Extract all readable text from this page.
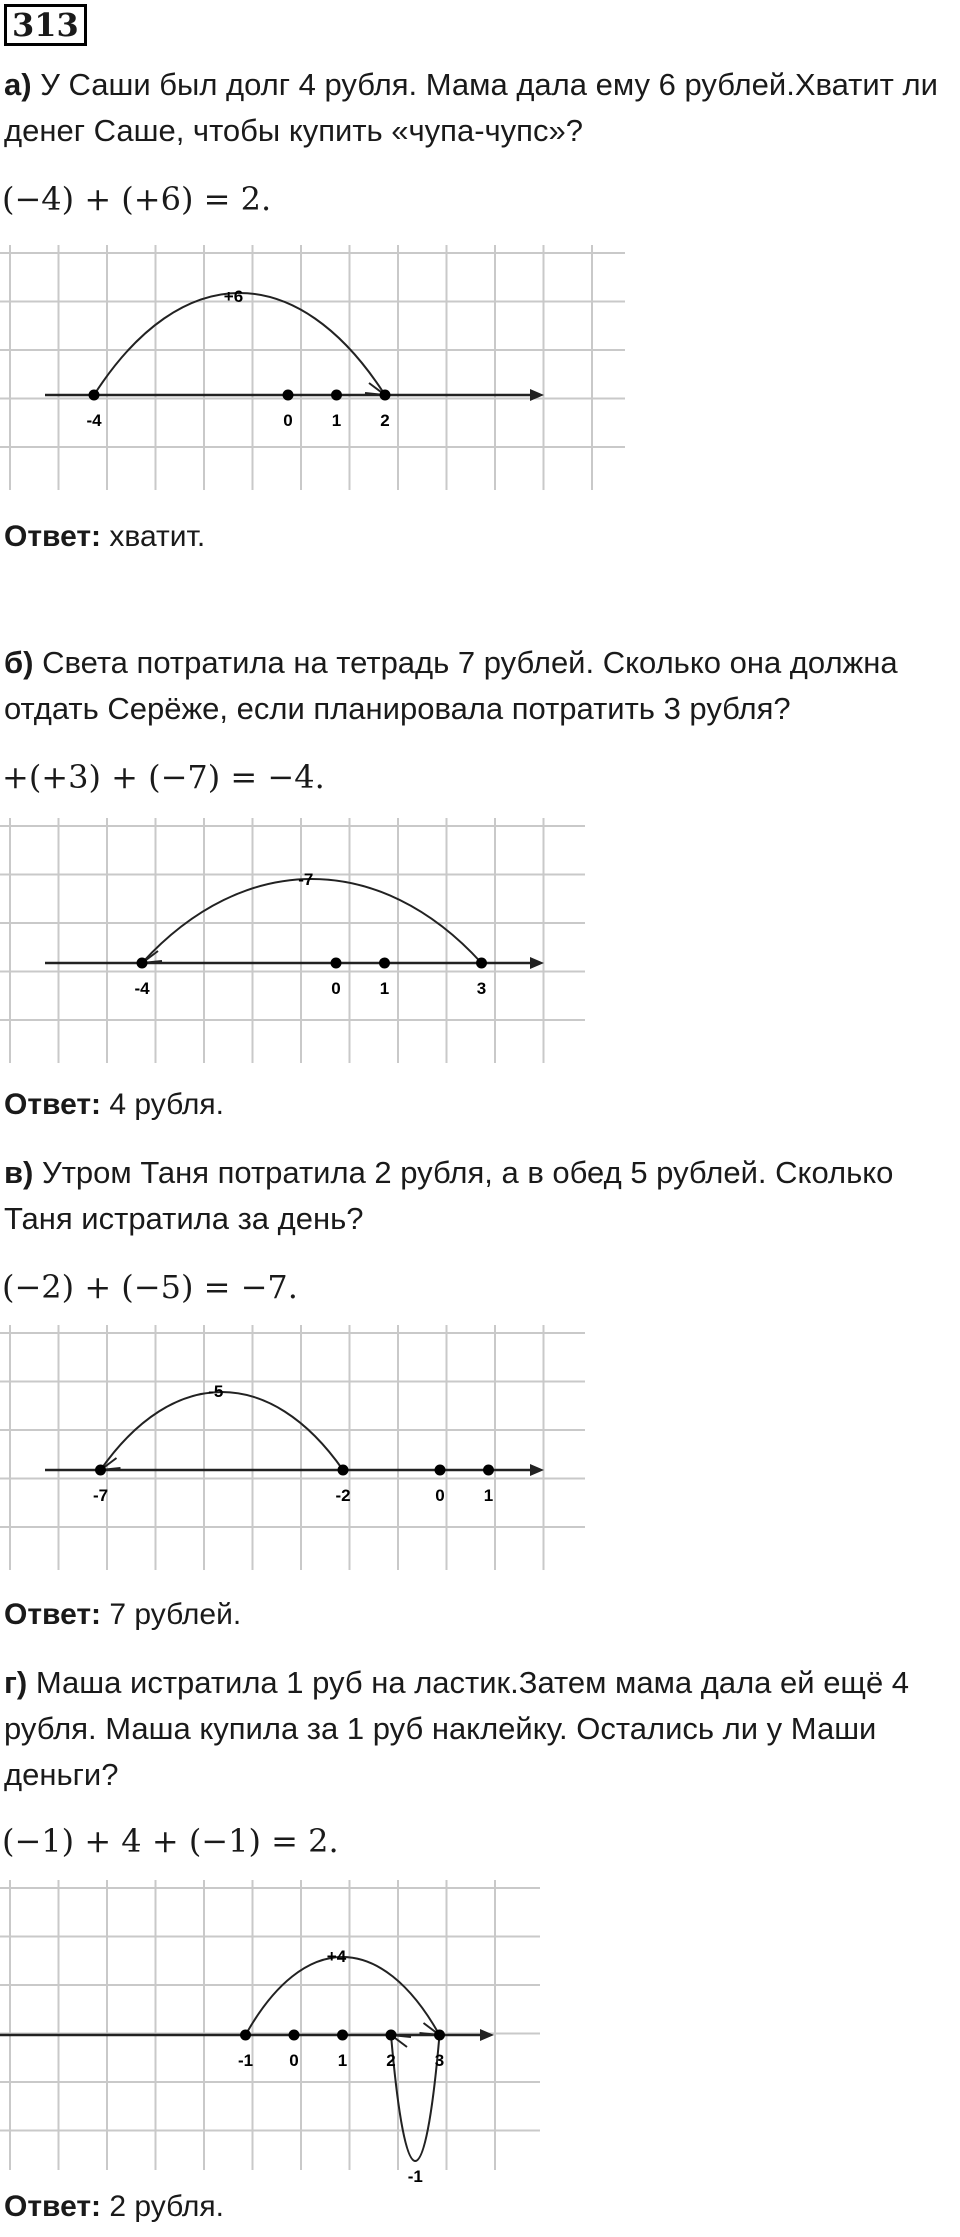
313
а) У Саши был долг 4 рубля. Мама дала ему 6 рублей.Хватит ли денег Саше, чтобы купить «чупа-чупс»?
(−4) + (+6) = 2.
+6
-4	0 1 2
Ответ: хватит.
б) Света потратила на тетрадь 7 рублей. Сколько она должна отдать Серёже, если планировала потратить 3 рубля?
+(+3) + (−7) = −4.
-7
-4	0 1	3
Ответ: 4 рубля.
в) Утром Таня потратила 2 рубля, а в обед 5 рублей. Сколько Таня истратила за день?
(−2) + (−5) = −7.
-5
-7	-2	0 1
Ответ: 7 рублей.
г) Маша истратила 1 руб на ластик.Затем мама дала ей ещё 4 рубля. Маша купила за 1 руб наклейку. Остались ли у Маши деньги?
(−1) + 4 + (−1) = 2.
+4
-1
-1 0 1 2 3
Ответ: 2 рубля.
